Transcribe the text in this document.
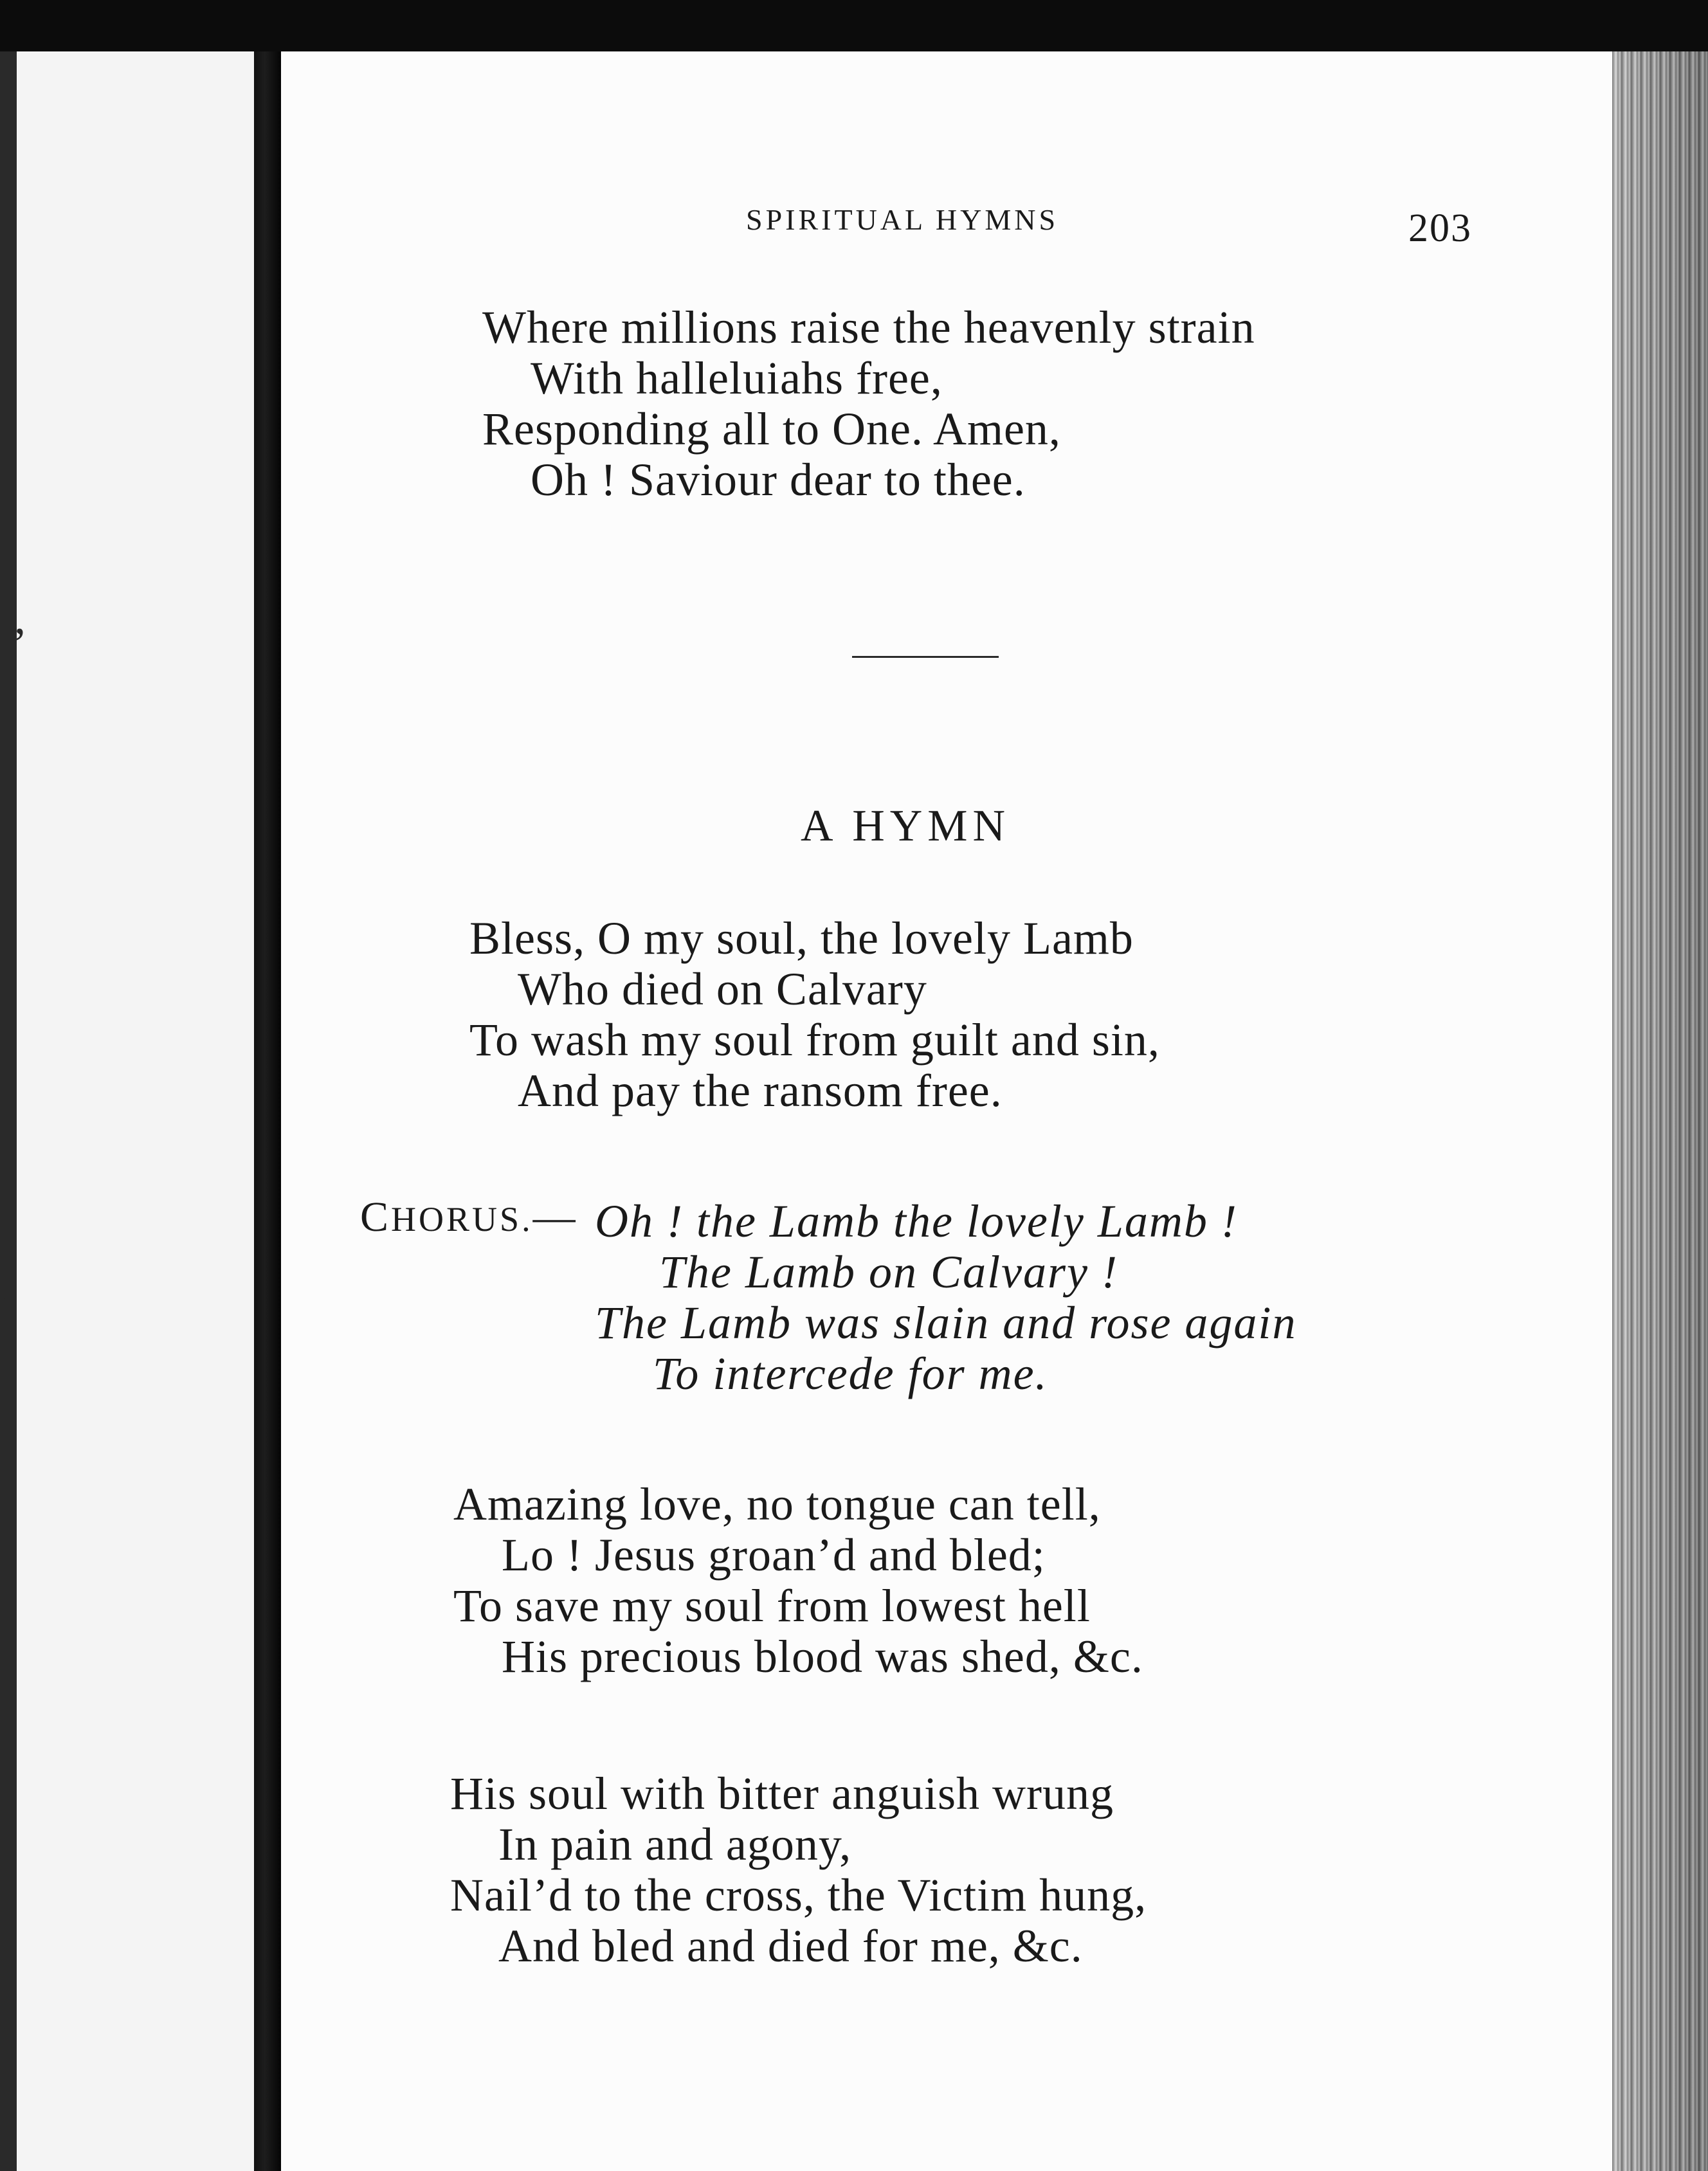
l,
e
SPIRITUAL HYMNS	203
Where millions raise the heavenly strain
With halleluiahs free,
Responding all to One. Amen,
Oh ! Saviour dear to thee.
A HYMN
Bless, O my soul, the lovely Lamb
Who died on Calvary
To wash my soul from guilt and sin,
And pay the ransom free.
CHORUS.— Oh ! the Lamb the lovely Lamb !
The Lamb on Calvary !
The Lamb was slain and rose again
To intercede for me.
Amazing love, no tongue can tell,
Lo ! Jesus groan’d and bled;
To save my soul from lowest hell
His precious blood was shed, &c.
His soul with bitter anguish wrung
In pain and agony,
Nail’d to the cross, the Victim hung,
And bled and died for me, &c.
